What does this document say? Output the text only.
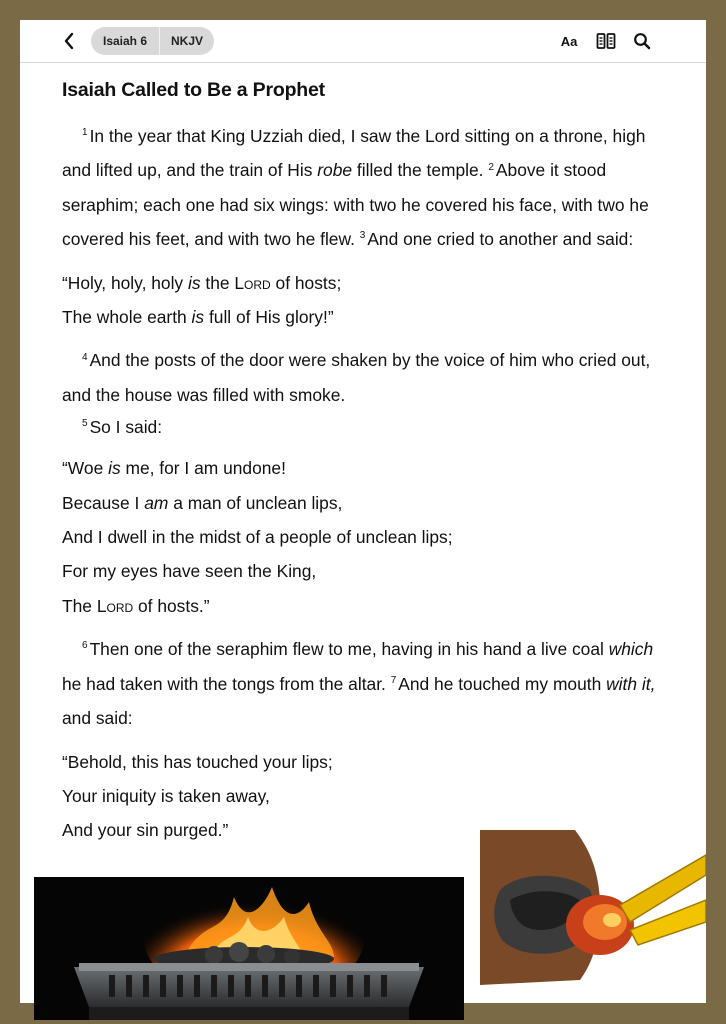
Isaiah 6	NKJV	Aa
Isaiah Called to Be a Prophet

$^1$ In the year that King Uzziah died, I saw the Lord sitting on a throne, high and lifted up, and the train of His robe filled the temple. $^2$ Above it stood seraphim; each one had six wings: with two he covered his face, with two he covered his feet, and with two he flew. $^3$ And one cried to another and said:

“Holy, holy, holy is the Lord of hosts;
The whole earth is full of His glory!”

$^4$ And the posts of the door were shaken by the voice of him who cried out, and the house was filled with smoke.

$^5$ So I said:

“Woe is me, for I am undone!
Because I am a man of unclean lips,
And I dwell in the midst of a people of unclean lips;
For my eyes have seen the King,
The Lord of hosts.”

$^6$ Then one of the seraphim flew to me, having in his hand a live coal which he had taken with the tongs from the altar. $^7$ And he touched my mouth with it, and said:

“Behold, this has touched your lips;
Your iniquity is taken away,
And your sin purged.”
